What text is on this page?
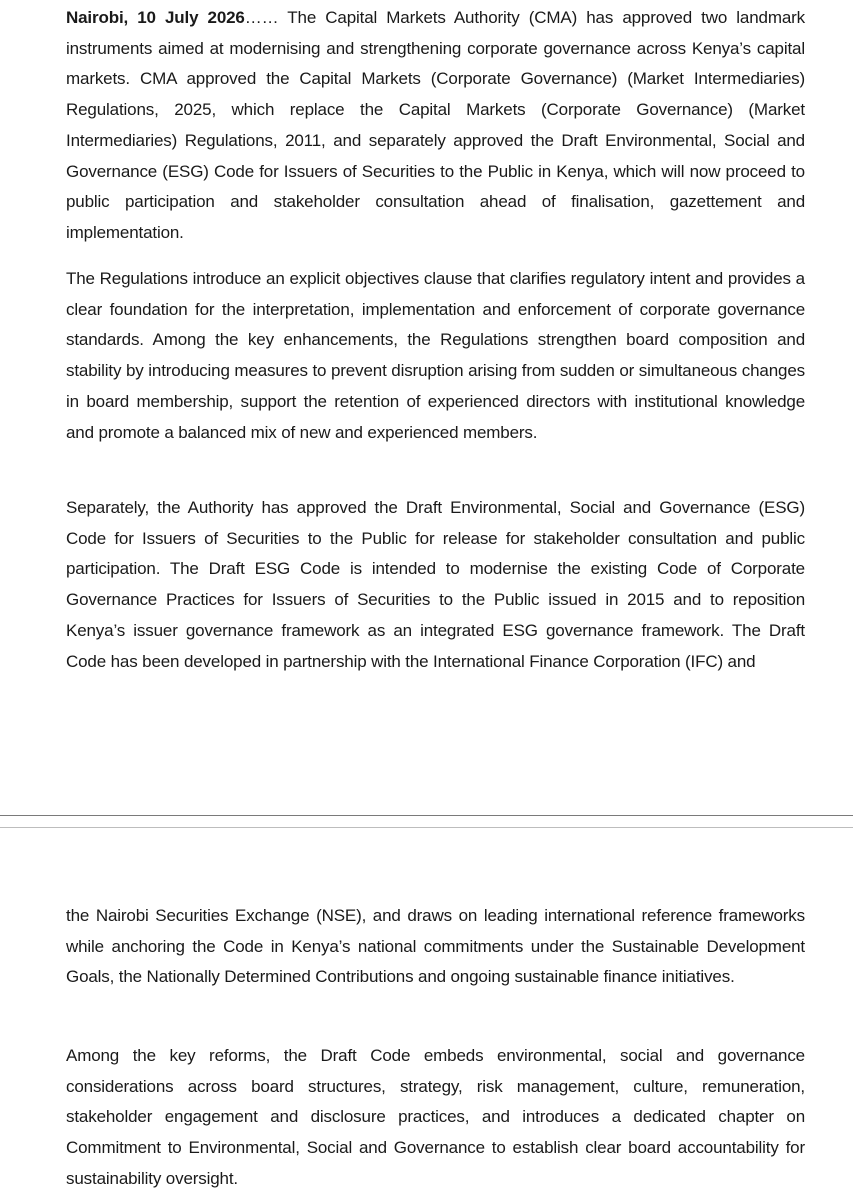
Nairobi, 10 July 2026…… The Capital Markets Authority (CMA) has approved two landmark instruments aimed at modernising and strengthening corporate governance across Kenya’s capital markets. CMA approved the Capital Markets (Corporate Governance) (Market Intermediaries) Regulations, 2025, which replace the Capital Markets (Corporate Governance) (Market Intermediaries) Regulations, 2011, and separately approved the Draft Environmental, Social and Governance (ESG) Code for Issuers of Securities to the Public in Kenya, which will now proceed to public participation and stakeholder consultation ahead of finalisation, gazettement and implementation.

The Regulations introduce an explicit objectives clause that clarifies regulatory intent and provides a clear foundation for the interpretation, implementation and enforcement of corporate governance standards. Among the key enhancements, the Regulations strengthen board composition and stability by introducing measures to prevent disruption arising from sudden or simultaneous changes in board membership, support the retention of experienced directors with institutional knowledge and promote a balanced mix of new and experienced members.

Separately, the Authority has approved the Draft Environmental, Social and Governance (ESG) Code for Issuers of Securities to the Public for release for stakeholder consultation and public participation. The Draft ESG Code is intended to modernise the existing Code of Corporate Governance Practices for Issuers of Securities to the Public issued in 2015 and to reposition Kenya’s issuer governance framework as an integrated ESG governance framework. The Draft Code has been developed in partnership with the International Finance Corporation (IFC) and

the Nairobi Securities Exchange (NSE), and draws on leading international reference frameworks while anchoring the Code in Kenya’s national commitments under the Sustainable Development Goals, the Nationally Determined Contributions and ongoing sustainable finance initiatives.

Among the key reforms, the Draft Code embeds environmental, social and governance considerations across board structures, strategy, risk management, culture, remuneration, stakeholder engagement and disclosure practices, and introduces a dedicated chapter on Commitment to Environmental, Social and Governance to establish clear board accountability for sustainability oversight.
